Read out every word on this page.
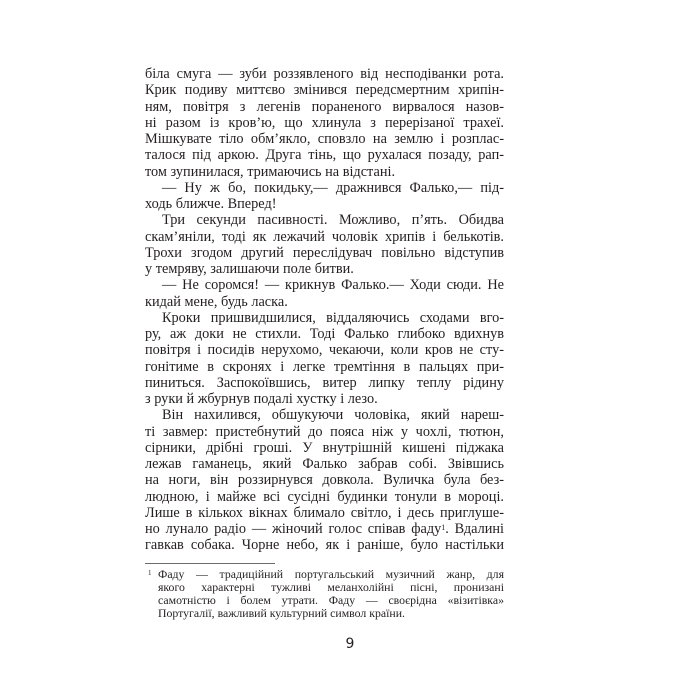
біла смуга — зуби роззявленого від несподіванки рота.
Крик подиву миттєво змінився передсмертним хрипін-
ням, повітря з легенів пораненого вирвалося назов-
ні разом із кров’ю, що хлинула з перерізаної трахеї.
Мішкувате тіло обм’якло, сповзло на землю і розплас-
талося під аркою. Друга тінь, що рухалася позаду, рап-
том зупинилася, тримаючись на відстані.
— Ну ж бо, покидьку,— дражнився Фалько,— під-
ходь ближче. Вперед!
Три секунди пасивності. Можливо, п’ять. Обидва
скам’яніли, тоді як лежачий чоловік хрипів і белькотів.
Трохи згодом другий переслідувач повільно відступив
у темряву, залишаючи поле битви.
— Не соромся! — крикнув Фалько.— Ходи сюди. Не
кидай мене, будь ласка.
Кроки пришвидшилися, віддаляючись сходами вго-
ру, аж доки не стихли. Тоді Фалько глибоко вдихнув
повітря і посидів нерухомо, чекаючи, коли кров не сту-
гонітиме в скронях і легке тремтіння в пальцях при-
пиниться. Заспокоївшись, витер липку теплу рідину
з руки й жбурнув подалі хустку і лезо.
Він нахилився, обшукуючи чоловіка, який нареш-
ті завмер: пристебнутий до пояса ніж у чохлі, тютюн,
сірники, дрібні гроші. У внутрішній кишені піджака
лежав гаманець, який Фалько забрав собі. Звівшись
на ноги, він роззирнувся довкола. Вуличка була без-
людною, і майже всі сусідні будинки тонули в мороці.
Лише в кількох вікнах блимало світло, і десь приглуше-
но лунало радіо — жіночий голос співав фаду$^1$. Вдалині
гавкав собака. Чорне небо, як і раніше, було настільки
1 Фаду — традиційний португальський музичний жанр, для
якого характерні тужливі меланхолійні пісні, пронизані
самотністю і болем утрати. Фаду — своєрідна «візитівка»
Португалії, важливий культурний символ країни.
9
